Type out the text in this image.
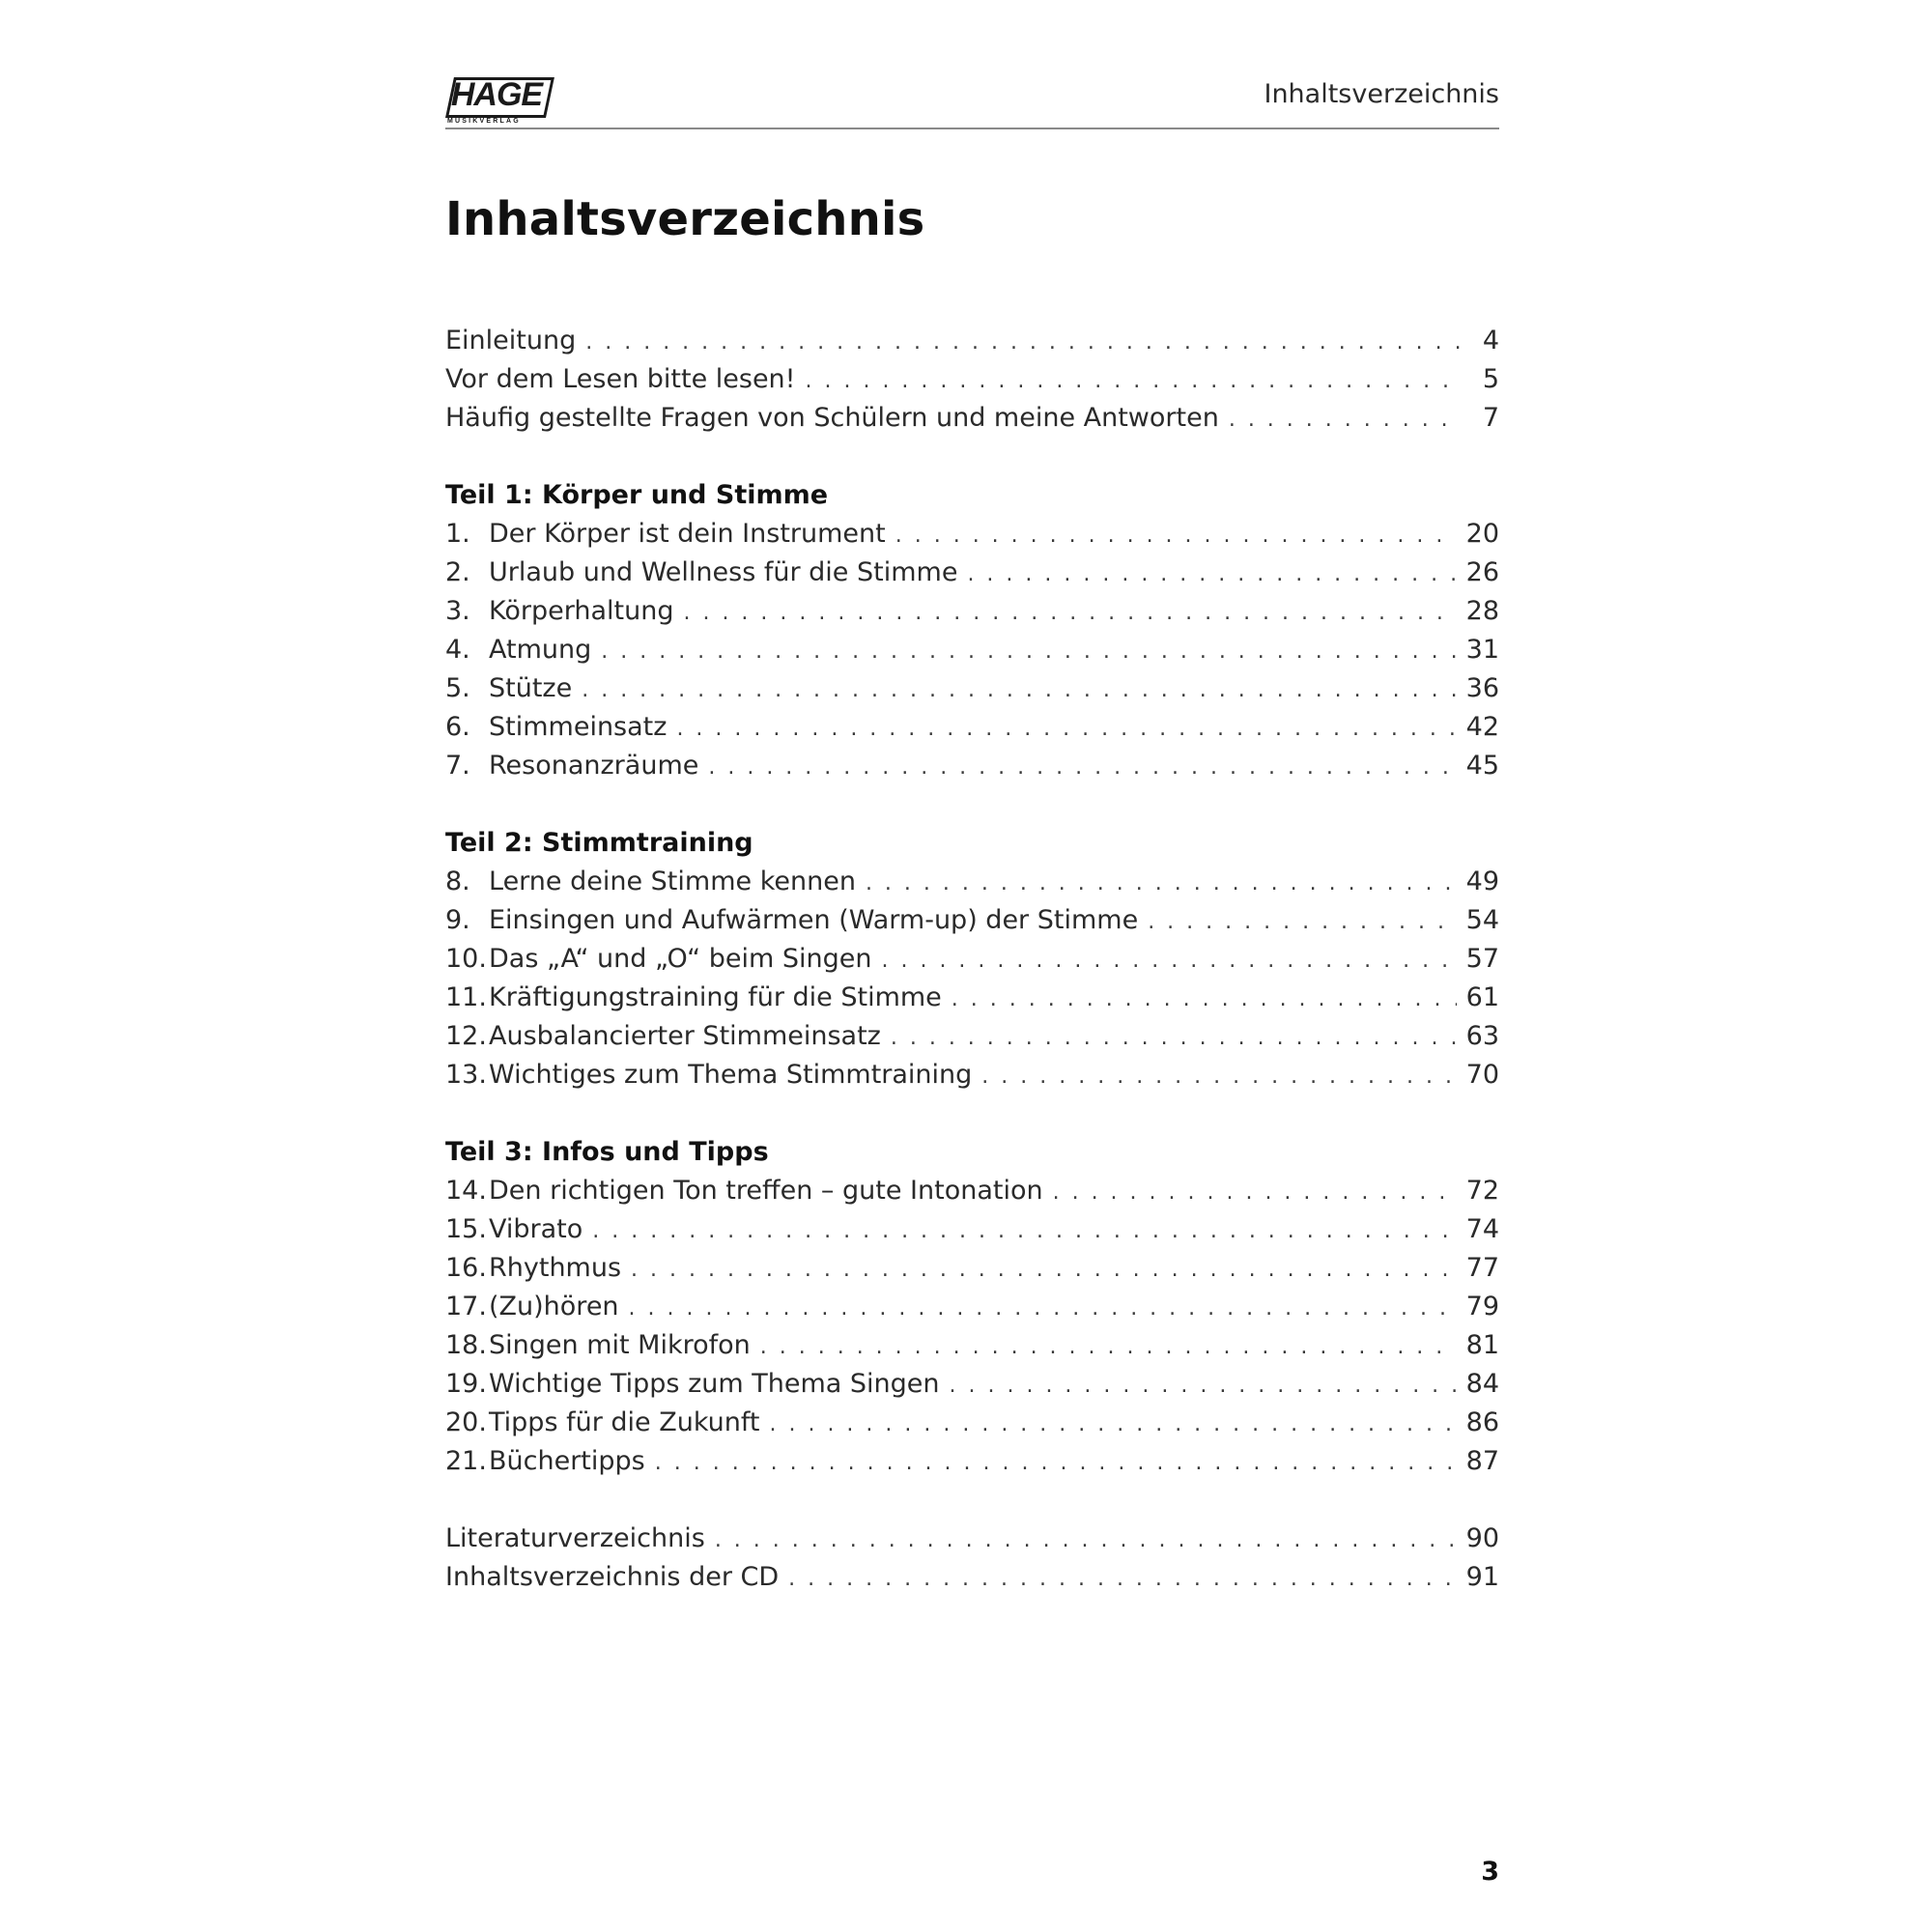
HAGE
MUSIKVERLAG
Inhaltsverzeichnis
Inhaltsverzeichnis
Einleitung . . .	4
Vor dem Lesen bitte lesen! . . .	5
Häufig gestellte Fragen von Schülern und meine Antworten . . .	7
Teil 1: Körper und Stimme
1. Der Körper ist dein Instrument . . .	20
2. Urlaub und Wellness für die Stimme . . .	26
3. Körperhaltung . . .	28
4. Atmung . . .	31
5. Stütze . . .	36
6. Stimmeinsatz . . .	42
7. Resonanzräume . . .	45
Teil 2: Stimmtraining
8. Lerne deine Stimme kennen . . .	49
9. Einsingen und Aufwärmen (Warm-up) der Stimme . . .	54
10. Das „A“ und „O“ beim Singen . . .	57
11. Kräftigungstraining für die Stimme . . .	61
12. Ausbalancierter Stimmeinsatz . . .	63
13. Wichtiges zum Thema Stimmtraining . . .	70
Teil 3: Infos und Tipps
14. Den richtigen Ton treffen – gute Intonation . . .	72
15. Vibrato . . .	74
16. Rhythmus . . .	77
17. (Zu)hören . . .	79
18. Singen mit Mikrofon . . .	81
19. Wichtige Tipps zum Thema Singen . . .	84
20. Tipps für die Zukunft . . .	86
21. Büchertipps . . .	87
Literaturverzeichnis . . .	90
Inhaltsverzeichnis der CD . . .	91
3
